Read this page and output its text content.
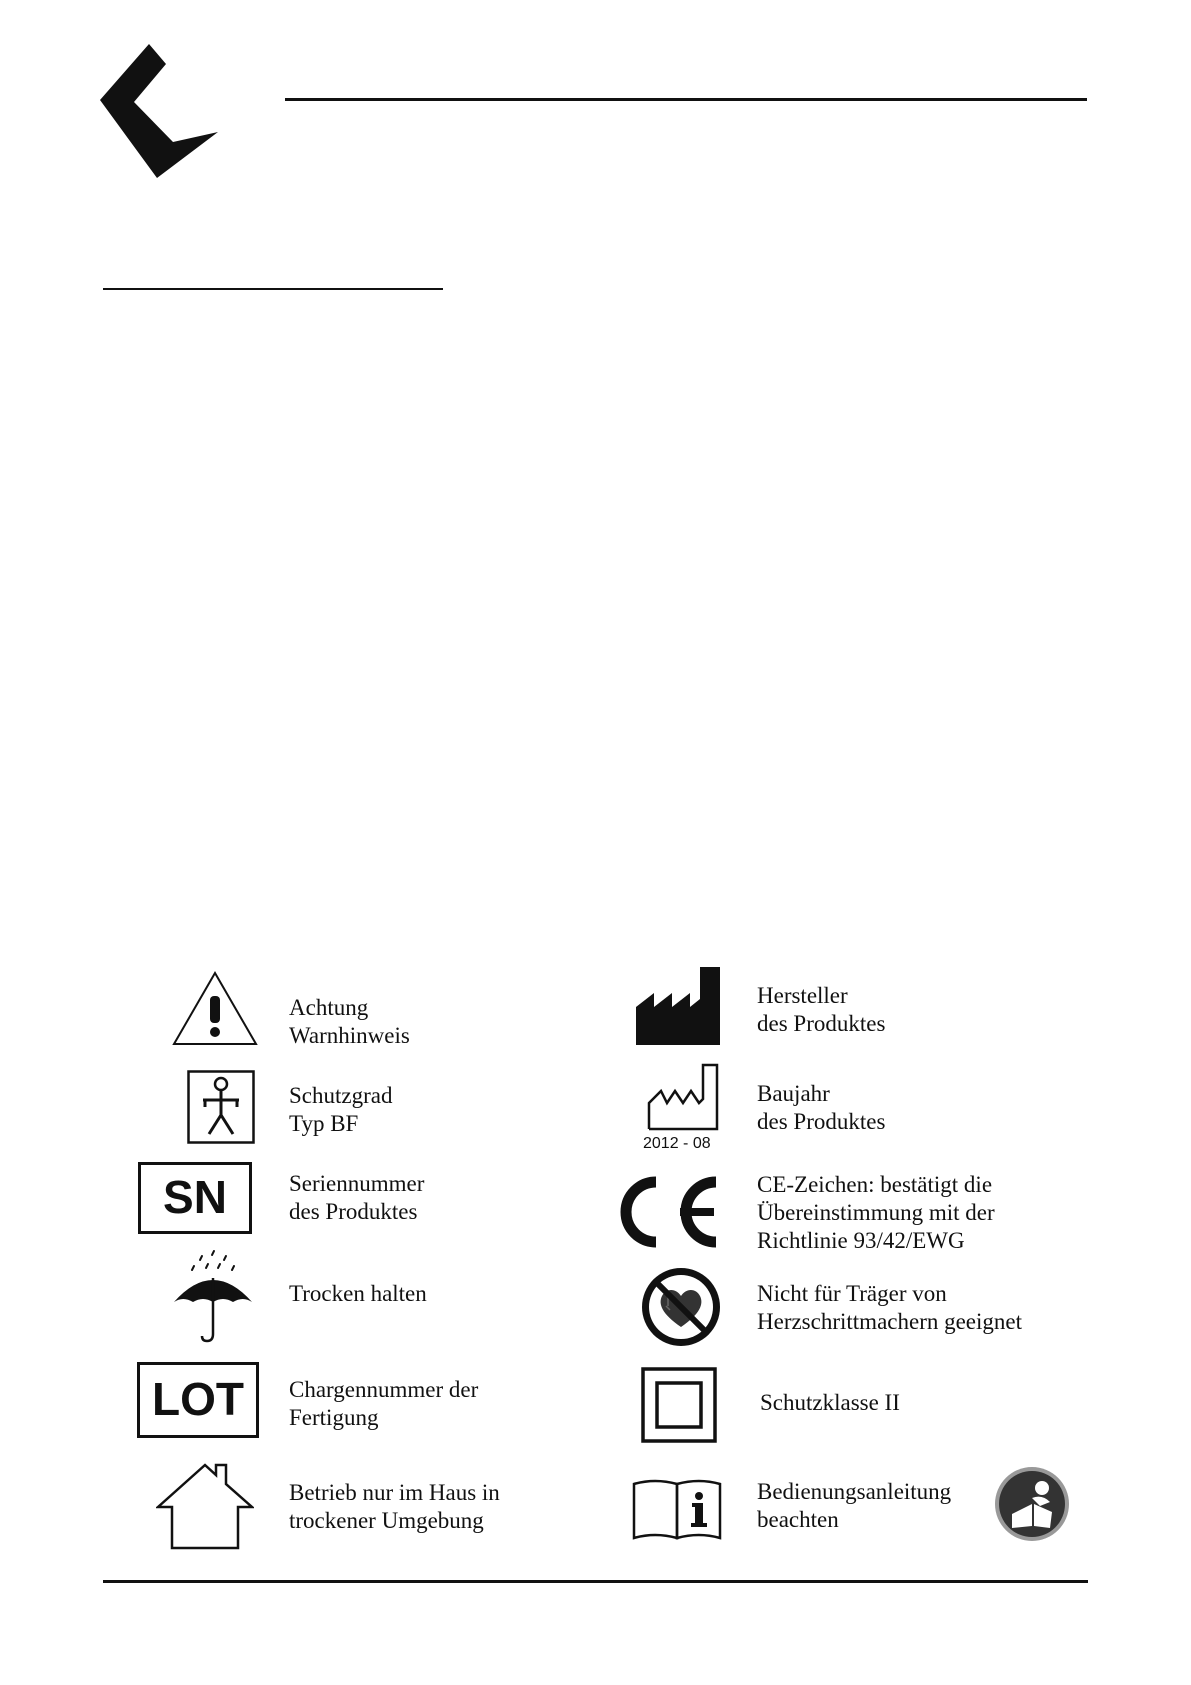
Achtung
Warnhinweis
Schutzgrad
Typ BF
SN	Seriennummer
des Produktes
Trocken halten
LOT	Chargennummer der
Fertigung
Betrieb nur im Haus in
trockener Umgebung
Hersteller
des Produktes
2012 - 08
Baujahr
des Produktes
CE-Zeichen: bestätigt die
Übereinstimmung mit der
Richtlinie 93/42/EWG
Nicht für Träger von
Herzschrittmachern geeignet
Schutzklasse II
Bedienungsanleitung
beachten
